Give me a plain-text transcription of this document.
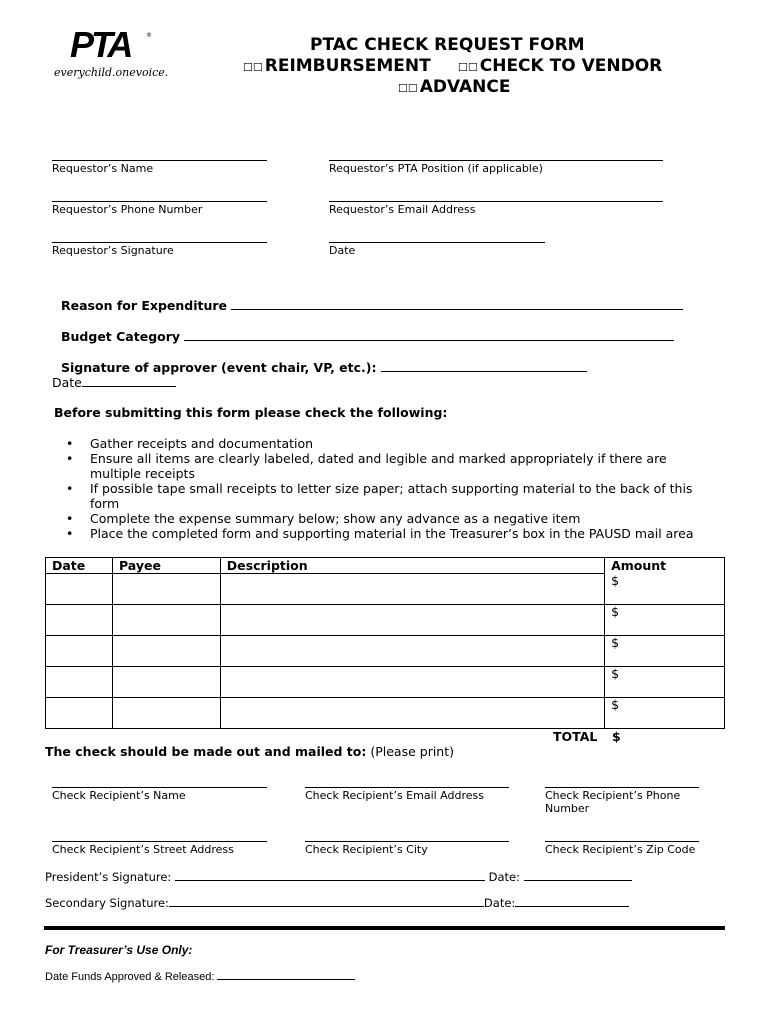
PTA	®
everychild.onevoice.
PTAC CHECK REQUEST FORM
☐☐ REIMBURSEMENT ☐☐ CHECK TO VENDOR
☐☐ ADVANCE
Requestor’s Name	Requestor’s PTA Position (if applicable)
Requestor’s Phone Number	Requestor’s Email Address
Requestor’s Signature	Date
Reason for Expenditure
Budget Category
Signature of approver (event chair, VP, etc.):
Date
Before submitting this form please check the following:
• Gather receipts and documentation
• Ensure all items are clearly labeled, dated and legible and marked appropriately if there are multiple receipts
• If possible tape small receipts to letter size paper; attach supporting material to the back of this form
• Complete the expense summary below; show any advance as a negative item
• Place the completed form and supporting material in the Treasurer’s box in the PAUSD mail area
Date	Payee	Description	Amount
			$
			$
			$
			$
			$
TOTAL $
The check should be made out and mailed to: (Please print)
Check Recipient’s Name	Check Recipient’s Email Address	Check Recipient’s Phone Number
Check Recipient’s Street Address	Check Recipient’s City	Check Recipient’s Zip Code
President’s Signature:	Date:
Secondary Signature:	Date:
For Treasurer’s Use Only:
Date Funds Approved & Released:
